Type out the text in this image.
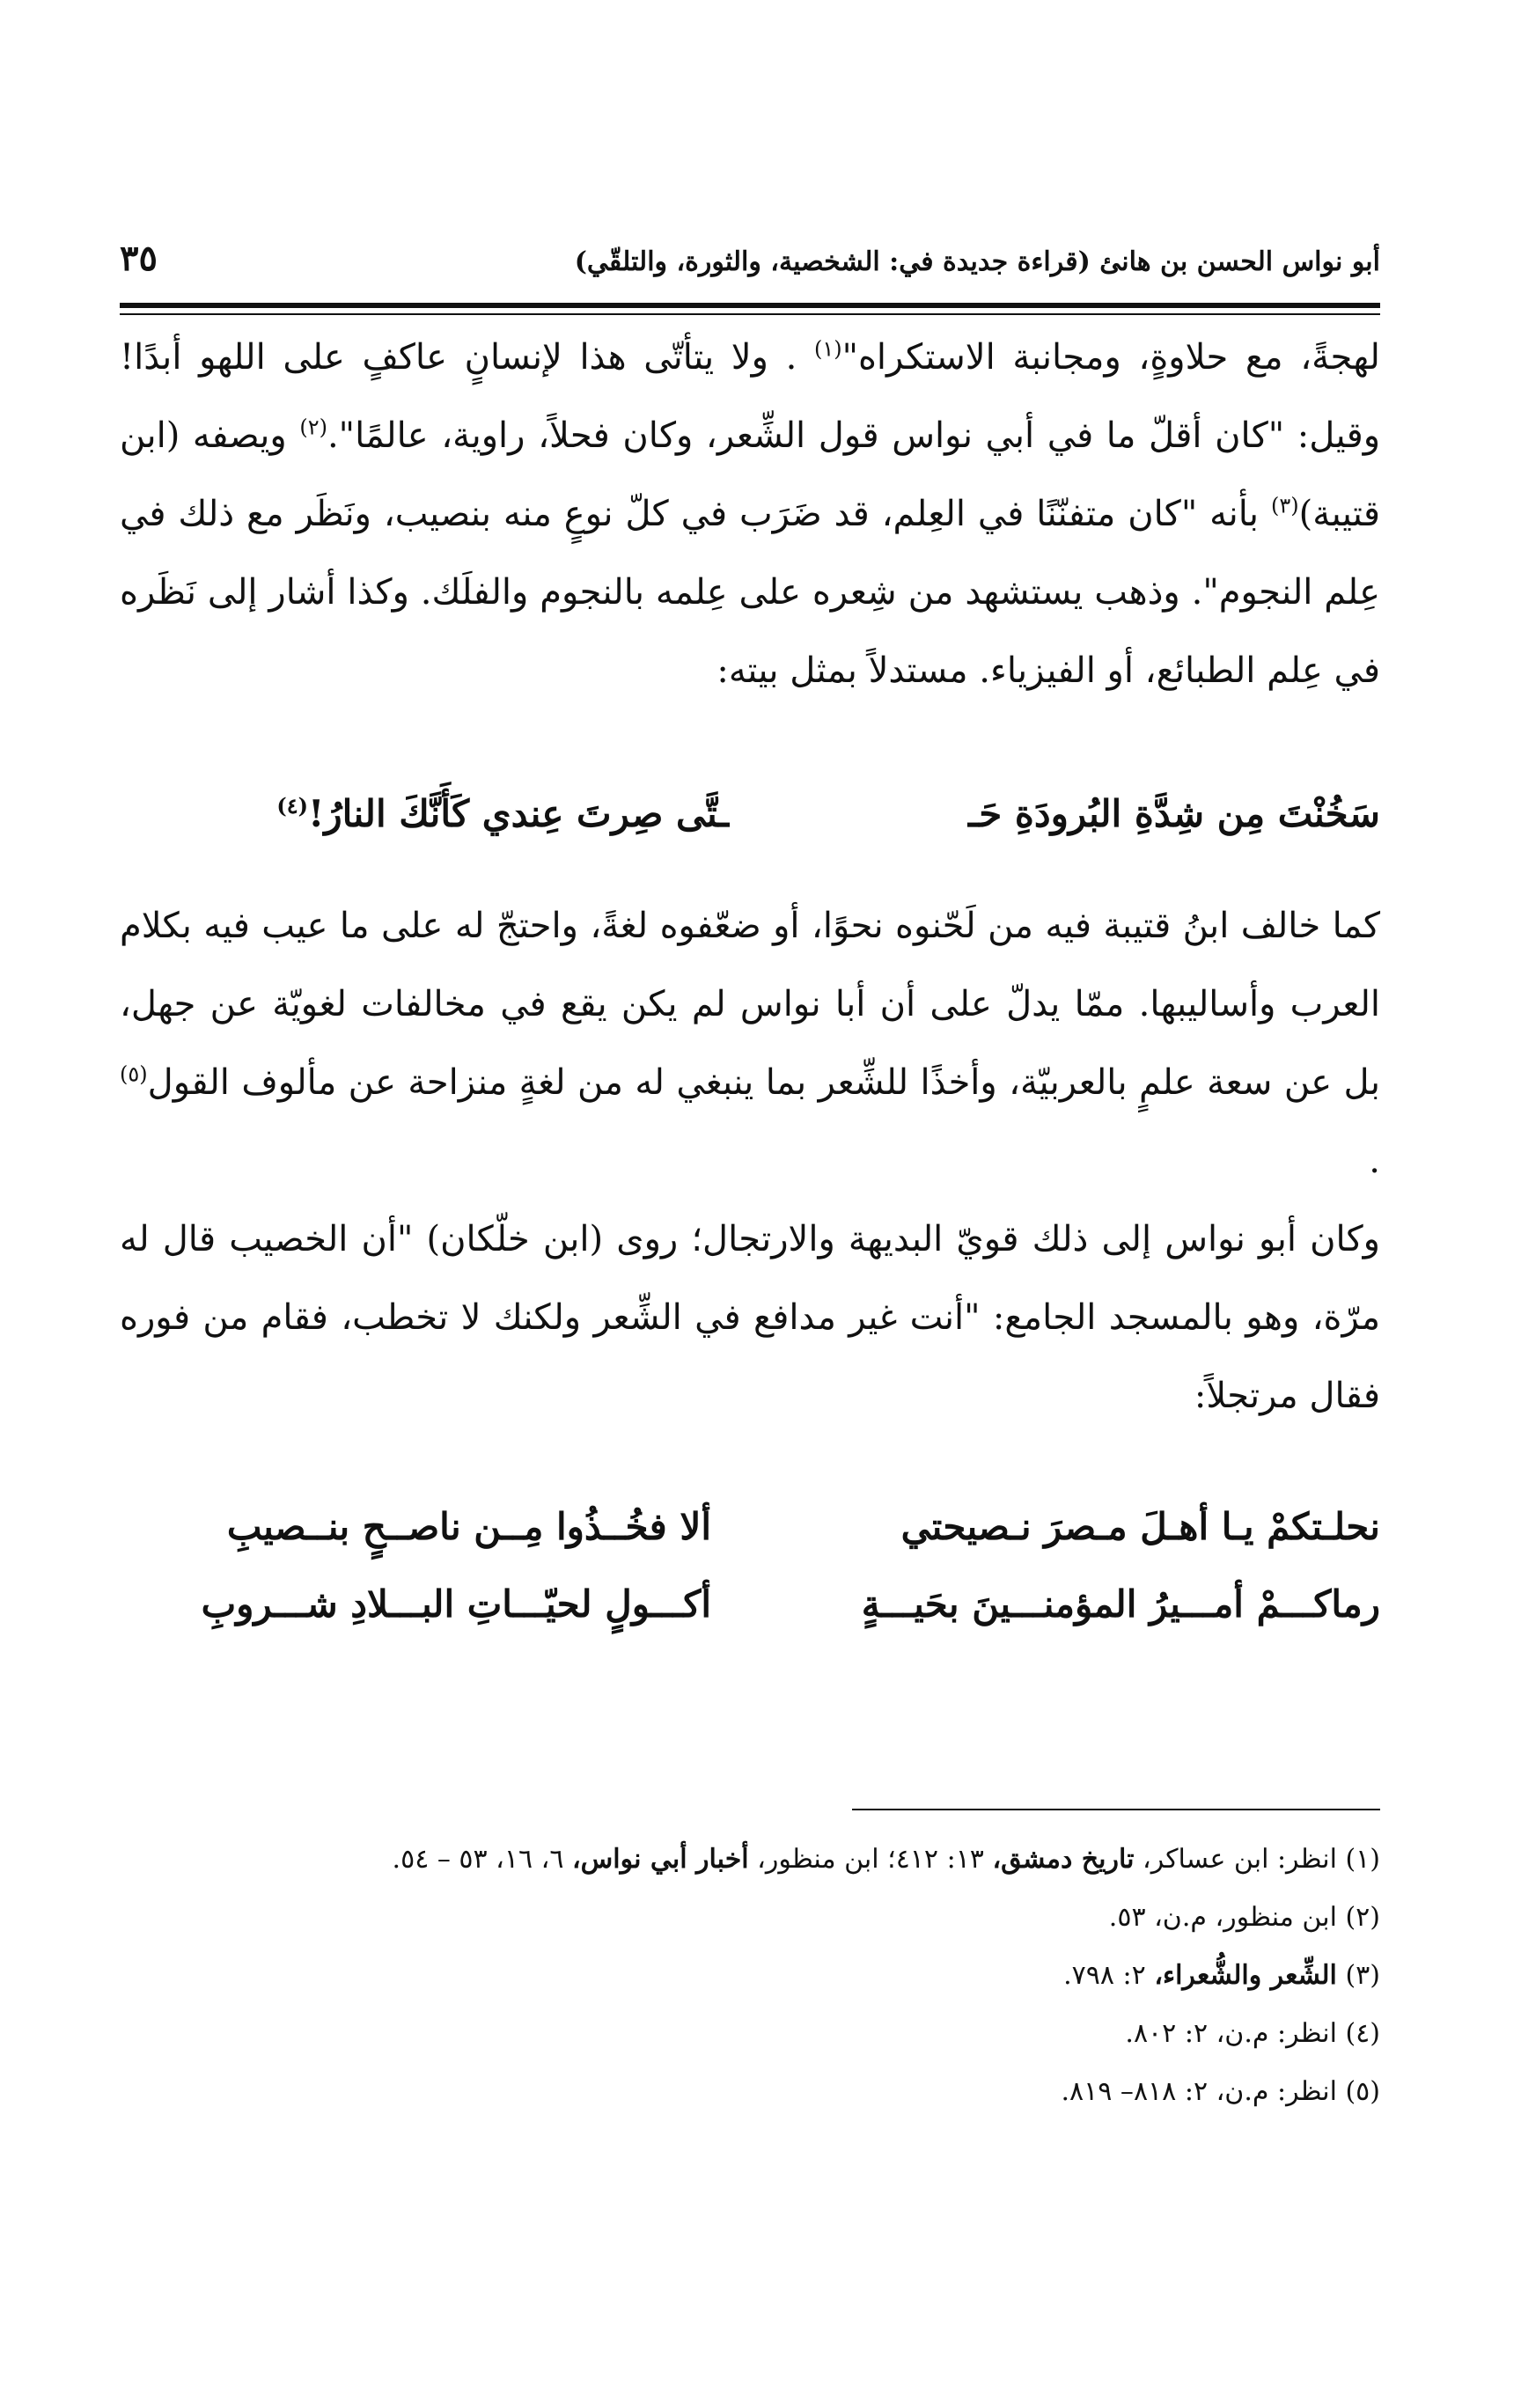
أبو نواس الحسن بن هانئ (قراءة جديدة في: الشخصية، والثورة، والتلقّي)
٣٥

لهجةً، مع حلاوةٍ، ومجانبة الاستكراه"$^{(١)}$ . ولا يتأتّى هذا لإنسانٍ عاكفٍ على اللهو أبدًا! وقيل: "كان أقلّ ما في أبي نواس قول الشِّعر، وكان فحلاً، راوية، عالمًا".$^{(٢)}$ ويصفه (ابن قتيبة)$^{(٣)}$ بأنه "كان متفنّنًا في العِلم، قد ضَرَب في كلّ نوعٍ منه بنصيب، ونَظَر مع ذلك في عِلم النجوم". وذهب يستشهد من شِعره على عِلمه بالنجوم والفلَك. وكذا أشار إلى نَظَره في عِلم الطبائع، أو الفيزياء. مستدلاً بمثل بيته:

سَخُنْتَ مِن شِدَّةِ البُرودَةِ حَـ
ـتَّى صِرتَ عِندي كَأَنَّكَ النارُ!$^{(٤)}$

كما خالف ابنُ قتيبة فيه من لَحّنوه نحوًا، أو ضعّفوه لغةً، واحتجّ له على ما عيب فيه بكلام العرب وأساليبها. ممّا يدلّ على أن أبا نواس لم يكن يقع في مخالفات لغويّة عن جهل، بل عن سعة علمٍ بالعربيّة، وأخذًا للشِّعر بما ينبغي له من لغةٍ منزاحة عن مألوف القول$^{(٥)}$ .

وكان أبو نواس إلى ذلك قويّ البديهة والارتجال؛ روى (ابن خلّكان) "أن الخصيب قال له مرّة، وهو بالمسجد الجامع: "أنت غير مدافع في الشِّعر ولكنك لا تخطب، فقام من فوره فقال مرتجلاً:

نحلـتكمْ يـا أهـلَ مـصرَ نـصيحتي
ألا فخُــذُوا مِــن ناصــحٍ بنــصيبِ
رماكـــمْ أمـــيرُ المؤمنـــينَ بحَيـــةٍ
أكـــولٍ لحيّـــاتِ البـــلادِ شـــروبِ
(١) انظر: ابن عساكر، تاريخ دمشق، ١٣: ٤١٢؛ ابن منظور، أخبار أبي نواس، ٦، ١٦، ٥٣ – ٥٤.
(٢) ابن منظور، م.ن، ٥٣.
(٣) الشِّعر والشُّعراء، ٢: ٧٩٨.
(٤) انظر: م.ن، ٢: ٨٠٢.
(٥) انظر: م.ن، ٢: ٨١٨– ٨١٩.
